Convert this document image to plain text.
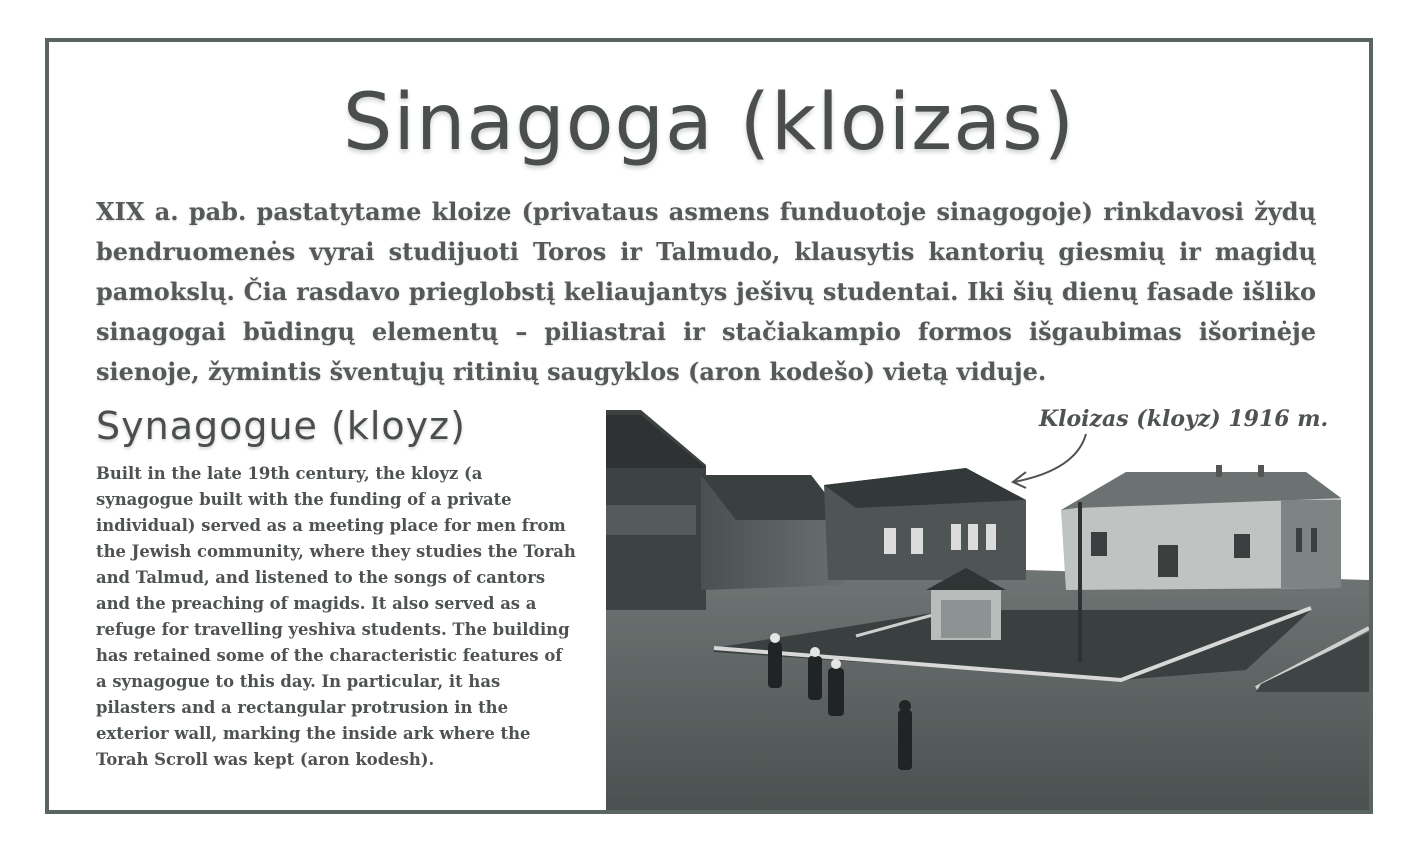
Sinagoga (kloizas)
XIX a. pab. pastatytame kloize (privataus asmens funduotoje sinagogoje) rinkdavosi žydų bendruomenės vyrai studijuoti Toros ir Talmudo, klausytis kantorių giesmių ir magidų pamokslų. Čia rasdavo prieglobstį keliaujantys ješivų studentai. Iki šių dienų fasade išliko sinagogai būdingų elementų – piliastrai ir stačiakampio formos išgaubimas išorinėje sienoje, žymintis šventųjų ritinių saugyklos (aron kodešo) vietą viduje.
Synagogue (kloyz)
Built in the late 19th century, the kloyz (a synagogue built with the funding of a private individual) served as a meeting place for men from the Jewish community, where they studies the Torah and Talmud, and listened to the songs of cantors and the preaching of magids. It also served as a refuge for travelling yeshiva students. The building has retained some of the characteristic features of a synagogue to this day. In particular, it has pilasters and a rectangular protrusion in the exterior wall, marking the inside ark where the Torah Scroll was kept (aron kodesh).
Kloizas (kloyz) 1916 m.
